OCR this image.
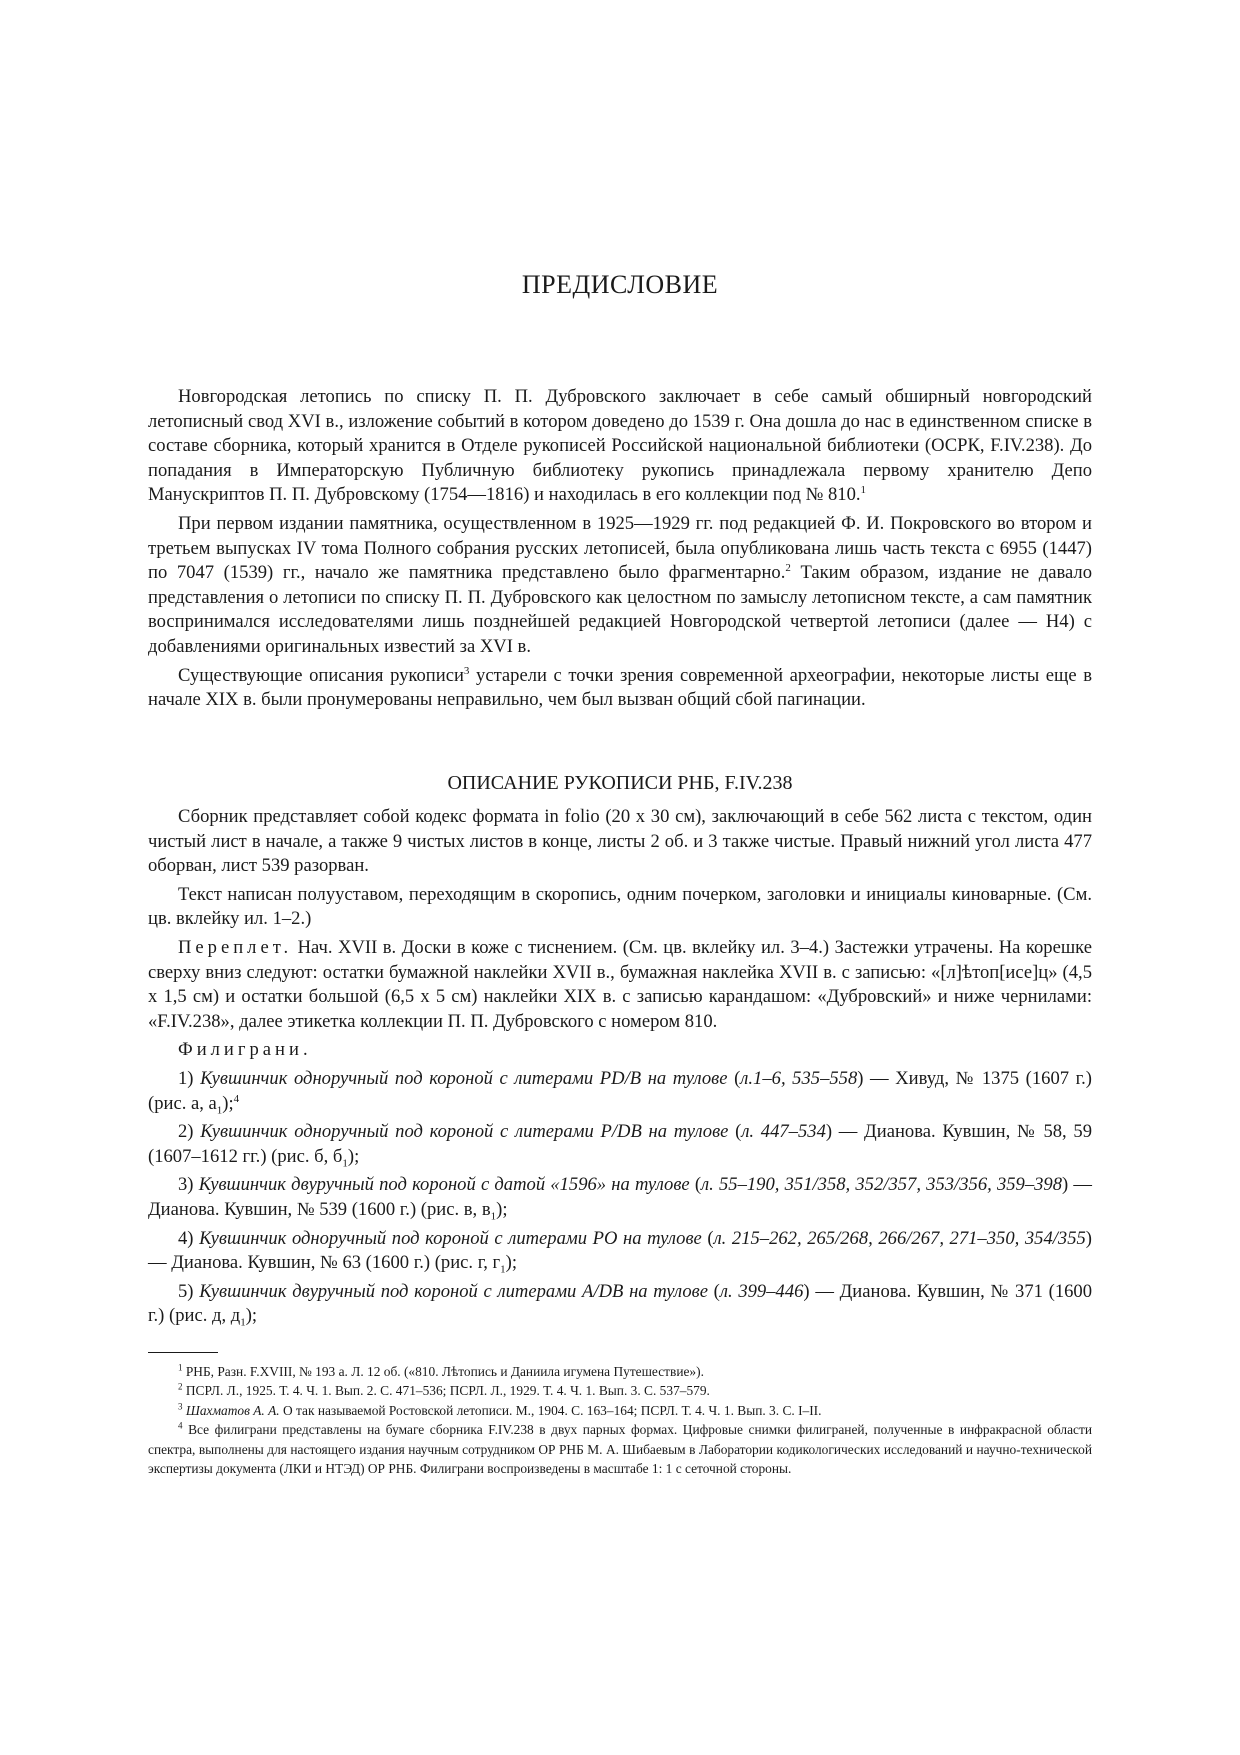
ПРЕДИСЛОВИЕ

Новгородская летопись по списку П. П. Дубровского заключает в себе самый обширный новгородский летописный свод XVI в., изложение событий в котором доведено до 1539 г. Она дошла до нас в единственном списке в составе сборника, который хранится в Отделе рукописей Российской национальной библиотеки (ОСРК, F.IV.238). До попадания в Императорскую Публичную библиотеку рукопись принадлежала первому хранителю Депо Манускриптов П. П. Дубровскому (1754—1816) и находилась в его коллекции под № 810.$^1$

При первом издании памятника, осуществленном в 1925—1929 гг. под редакцией Ф. И. Покровского во втором и третьем выпусках IV тома Полного собрания русских летописей, была опубликована лишь часть текста с 6955 (1447) по 7047 (1539) гг., начало же памятника представлено было фрагментарно.$^2$ Таким образом, издание не давало представления о летописи по списку П. П. Дубровского как целостном по замыслу летописном тексте, а сам памятник воспринимался исследователями лишь позднейшей редакцией Новгородской четвертой летописи (далее — Н4) с добавлениями оригинальных известий за XVI в.

Существующие описания рукописи$^3$ устарели с точки зрения современной археографии, некоторые листы еще в начале XIX в. были пронумерованы неправильно, чем был вызван общий сбой пагинации.

ОПИСАНИЕ РУКОПИСИ РНБ, F.IV.238

Сборник представляет собой кодекс формата in folio (20 х 30 см), заключающий в себе 562 листа с текстом, один чистый лист в начале, а также 9 чистых листов в конце, листы 2 об. и 3 также чистые. Правый нижний угол листа 477 оборван, лист 539 разорван.

Текст написан полууставом, переходящим в скоропись, одним почерком, заголовки и инициалы киноварные. (См. цв. вклейку ил. 1–2.)

Переплет. Нач. XVII в. Доски в коже с тиснением. (См. цв. вклейку ил. 3–4.) Застежки утрачены. На корешке сверху вниз следуют: остатки бумажной наклейки XVII в., бумажная наклейка XVII в. с записью: «[л]ѣтоп[исе]ц» (4,5 х 1,5 см) и остатки большой (6,5 х 5 см) наклейки XIX в. с записью карандашом: «Дубровский» и ниже чернилами: «F.IV.238», далее этикетка коллекции П. П. Дубровского с номером 810.

Филиграни.

1) Кувшинчик одноручный под короной с литерами PD/B на тулове (л.1–6, 535–558) — Хивуд, № 1375 (1607 г.) (рис. а, $а_1);^4$

2) Кувшинчик одноручный под короной с литерами P/DB на тулове (л. 447–534) — Дианова. Кувшин, № 58, 59 (1607–1612 гг.) (рис. б, $б_1$);

3) Кувшинчик двуручный под короной с датой «1596» на тулове (л. 55–190, 351/358, 352/357, 353/356, 359–398) — Дианова. Кувшин, № 539 (1600 г.) (рис. в, $в_1$);

4) Кувшинчик одноручный под короной с литерами PO на тулове (л. 215–262, 265/268, 266/267, 271–350, 354/355) — Дианова. Кувшин, № 63 (1600 г.) (рис. г, $г_1$);

5) Кувшинчик двуручный под короной с литерами A/DB на тулове (л. 399–446) — Дианова. Кувшин, № 371 (1600 г.) (рис. д, $д_1$);

$^1$ РНБ, Разн. F.XVIII, № 193 а. Л. 12 об. («810. Лѣтопись и Даниила игумена Путешествие»).

$^2$ ПСРЛ. Л., 1925. Т. 4. Ч. 1. Вып. 2. С. 471–536; ПСРЛ. Л., 1929. Т. 4. Ч. 1. Вып. 3. С. 537–579.

$^3$ Шахматов А. А. О так называемой Ростовской летописи. М., 1904. С. 163–164; ПСРЛ. Т. 4. Ч. 1. Вып. 3. С. I–II.

$^4$ Все филиграни представлены на бумаге сборника F.IV.238 в двух парных формах. Цифровые снимки филиграней, полученные в инфракрасной области спектра, выполнены для настоящего издания научным сотрудником ОР РНБ М. А. Шибаевым в Лаборатории кодикологических исследований и научно-технической экспертизы документа (ЛКИ и НТЭД) ОР РНБ. Филиграни воспроизведены в масштабе 1: 1 с сеточной стороны.
